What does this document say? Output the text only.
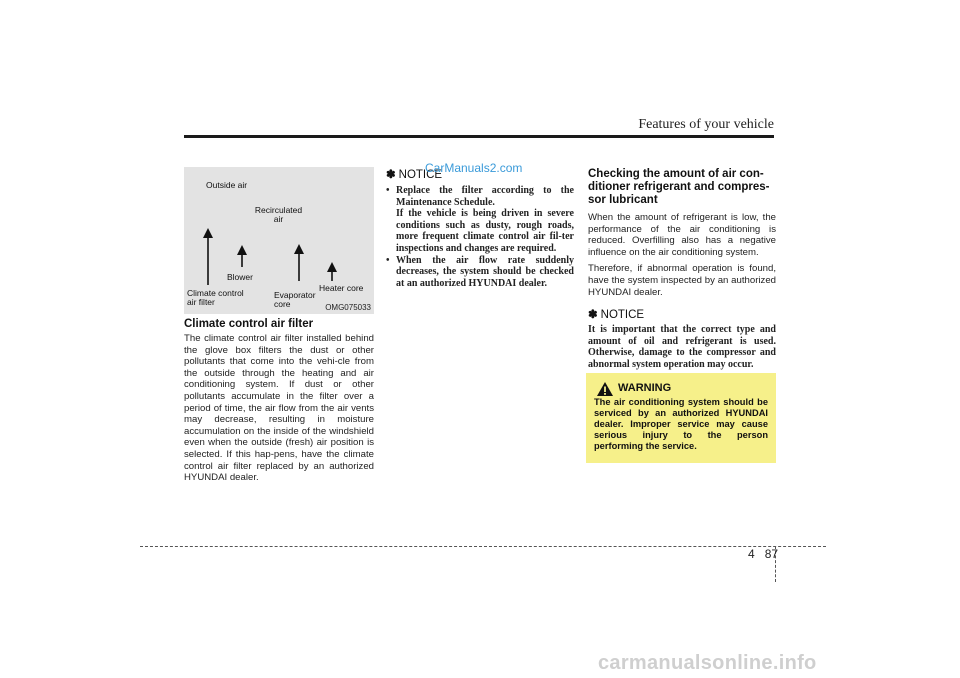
Features of your vehicle
Outside air
Recirculated
air
Blower
Climate control
air filter
Evaporator
core
Heater core
OMG075033
Climate control air filter

The climate control air filter installed behind the glove box filters the dust or other pollutants that come into the vehi-cle from the outside through the heating and air conditioning system. If dust or other pollutants accumulate in the filter over a period of time, the air flow from the air vents may decrease, resulting in moisture accumulation on the inside of the windshield even when the outside (fresh) air position is selected. If this hap-pens, have the climate control air filter replaced by an authorized HYUNDAI dealer.

✽ NOTICE
• Replace the filter according to the Maintenance Schedule.
If the vehicle is being driven in severe conditions such as dusty, rough roads, more frequent climate control air fil-ter inspections and changes are required.
• When the air flow rate suddenly decreases, the system should be checked at an authorized HYUNDAI dealer.
CarManuals2.com	Checking the amount of air con-ditioner refrigerant and compres-sor lubricant

When the amount of refrigerant is low, the performance of the air conditioning is reduced. Overfilling also has a negative influence on the air conditioning system.

Therefore, if abnormal operation is found, have the system inspected by an authorized HYUNDAI dealer.

✽ NOTICE

It is important that the correct type and amount of oil and refrigerant is used. Otherwise, damage to the compressor and abnormal system operation may occur.

WARNING
The air conditioning system should be serviced by an authorized HYUNDAI dealer. Improper service may cause serious injury to the person performing the service.
4 87
carmanualsonline.info
